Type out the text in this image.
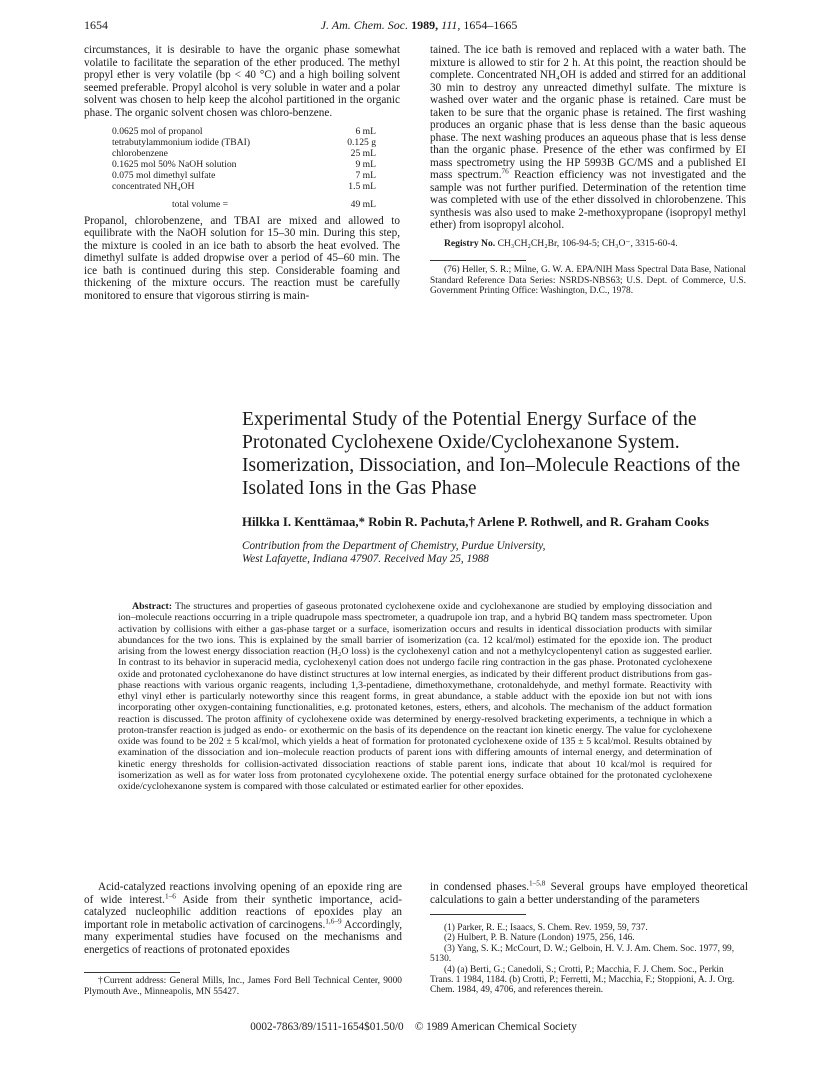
1654	J. Am. Chem. Soc. 1989, 111, 1654–1665

circumstances, it is desirable to have the organic phase somewhat volatile to facilitate the separation of the ether produced. The methyl propyl ether is very volatile (bp < 40 °C) and a high boiling solvent seemed preferable. Propyl alcohol is very soluble in water and a polar solvent was chosen to help keep the alcohol partitioned in the organic phase. The organic solvent chosen was chloro-benzene.

0.0625 mol of propanol	6 mL
tetrabutylammonium iodide (TBAI)	0.125 g
chlorobenzene	25 mL
0.1625 mol 50% NaOH solution	9 mL
0.075 mol dimethyl sulfate	7 mL
concentrated NH₄OH	1.5 mL
total volume =	49 mL

Propanol, chlorobenzene, and TBAI are mixed and allowed to equilibrate with the NaOH solution for 15–30 min. During this step, the mixture is cooled in an ice bath to absorb the heat evolved. The dimethyl sulfate is added dropwise over a period of 45–60 min. The ice bath is continued during this step. Considerable foaming and thickening of the mixture occurs. The reaction must be carefully monitored to ensure that vigorous stirring is main-

tained. The ice bath is removed and replaced with a water bath. The mixture is allowed to stir for 2 h. At this point, the reaction should be complete. Concentrated NH₄OH is added and stirred for an additional 30 min to destroy any unreacted dimethyl sulfate. The mixture is washed over water and the organic phase is retained. Care must be taken to be sure that the organic phase is retained. The first washing produces an organic phase that is less dense than the basic aqueous phase. The next washing produces an aqueous phase that is less dense than the organic phase. Presence of the ether was confirmed by EI mass spectrometry using the HP 5993B GC/MS and a published EI mass spectrum.$^{76}$ Reaction efficiency was not investigated and the sample was not further purified. Determination of the retention time was completed with use of the ether dissolved in chlorobenzene. This synthesis was also used to make 2-methoxypropane (isopropyl methyl ether) from isopropyl alcohol.

Registry No. CH₃CH₂CH₂Br, 106-94-5; CH₃O⁻, 3315-60-4.

(76) Heller, S. R.; Milne, G. W. A. EPA/NIH Mass Spectral Data Base, National Standard Reference Data Series: NSRDS-NBS63; U.S. Dept. of Commerce, U.S. Government Printing Office: Washington, D.C., 1978.

Experimental Study of the Potential Energy Surface of the Protonated Cyclohexene Oxide/Cyclohexanone System. Isomerization, Dissociation, and Ion–Molecule Reactions of the Isolated Ions in the Gas Phase
Hilkka I. Kenttämaa,* Robin R. Pachuta,† Arlene P. Rothwell, and R. Graham Cooks
Contribution from the Department of Chemistry, Purdue University,
West Lafayette, Indiana 47907. Received May 25, 1988
Abstract: The structures and properties of gaseous protonated cyclohexene oxide and cyclohexanone are studied by employing dissociation and ion–molecule reactions occurring in a triple quadrupole mass spectrometer, a quadrupole ion trap, and a hybrid BQ tandem mass spectrometer. Upon activation by collisions with either a gas-phase target or a surface, isomerization occurs and results in identical dissociation products with similar abundances for the two ions. This is explained by the small barrier of isomerization (ca. 12 kcal/mol) estimated for the epoxide ion. The product arising from the lowest energy dissociation reaction (H₂O loss) is the cyclohexenyl cation and not a methylcyclopentenyl cation as suggested earlier. In contrast to its behavior in superacid media, cyclohexenyl cation does not undergo facile ring contraction in the gas phase. Protonated cyclohexene oxide and protonated cyclohexanone do have distinct structures at low internal energies, as indicated by their different product distributions from gas-phase reactions with various organic reagents, including 1,3-pentadiene, dimethoxymethane, crotonaldehyde, and methyl formate. Reactivity with ethyl vinyl ether is particularly noteworthy since this reagent forms, in great abundance, a stable adduct with the epoxide ion but not with ions incorporating other oxygen-containing functionalities, e.g. protonated ketones, esters, ethers, and alcohols. The mechanism of the adduct formation reaction is discussed. The proton affinity of cyclohexene oxide was determined by energy-resolved bracketing experiments, a technique in which a proton-transfer reaction is judged as endo- or exothermic on the basis of its dependence on the reactant ion kinetic energy. The value for cyclohexene oxide was found to be 202 ± 5 kcal/mol, which yields a heat of formation for protonated cyclohexene oxide of 135 ± 5 kcal/mol. Results obtained by examination of the dissociation and ion–molecule reaction products of parent ions with differing amounts of internal energy, and determination of kinetic energy thresholds for collision-activated dissociation reactions of stable parent ions, indicate that about 10 kcal/mol is required for isomerization as well as for water loss from protonated cycylohexene oxide. The potential energy surface obtained for the protonated cyclohexene oxide/cyclohexanone system is compared with those calculated or estimated earlier for other epoxides.

Acid-catalyzed reactions involving opening of an epoxide ring are of wide interest.$^{1-6}$ Aside from their synthetic importance, acid-catalyzed nucleophilic addition reactions of epoxides play an important role in metabolic activation of carcinogens.$^{1,6-9}$ Accordingly, many experimental studies have focused on the mechanisms and energetics of reactions of protonated epoxides

†Current address: General Mills, Inc., James Ford Bell Technical Center, 9000 Plymouth Ave., Minneapolis, MN 55427.

in condensed phases.$^{1-5,8}$ Several groups have employed theoretical calculations to gain a better understanding of the parameters

(1) Parker, R. E.; Isaacs, S. Chem. Rev. 1959, 59, 737.

(2) Hulbert, P. B. Nature (London) 1975, 256, 146.

(3) Yang, S. K.; McCourt, D. W.; Gelboin, H. V. J. Am. Chem. Soc. 1977, 99, 5130.

(4) (a) Berti, G.; Canedoli, S.; Crotti, P.; Macchia, F. J. Chem. Soc., Perkin Trans. 1 1984, 1184. (b) Crotti, P.; Ferretti, M.; Macchia, F.; Stoppioni, A. J. Org. Chem. 1984, 49, 4706, and references therein.

0002-7863/89/1511-1654$01.50/0 © 1989 American Chemical Society
